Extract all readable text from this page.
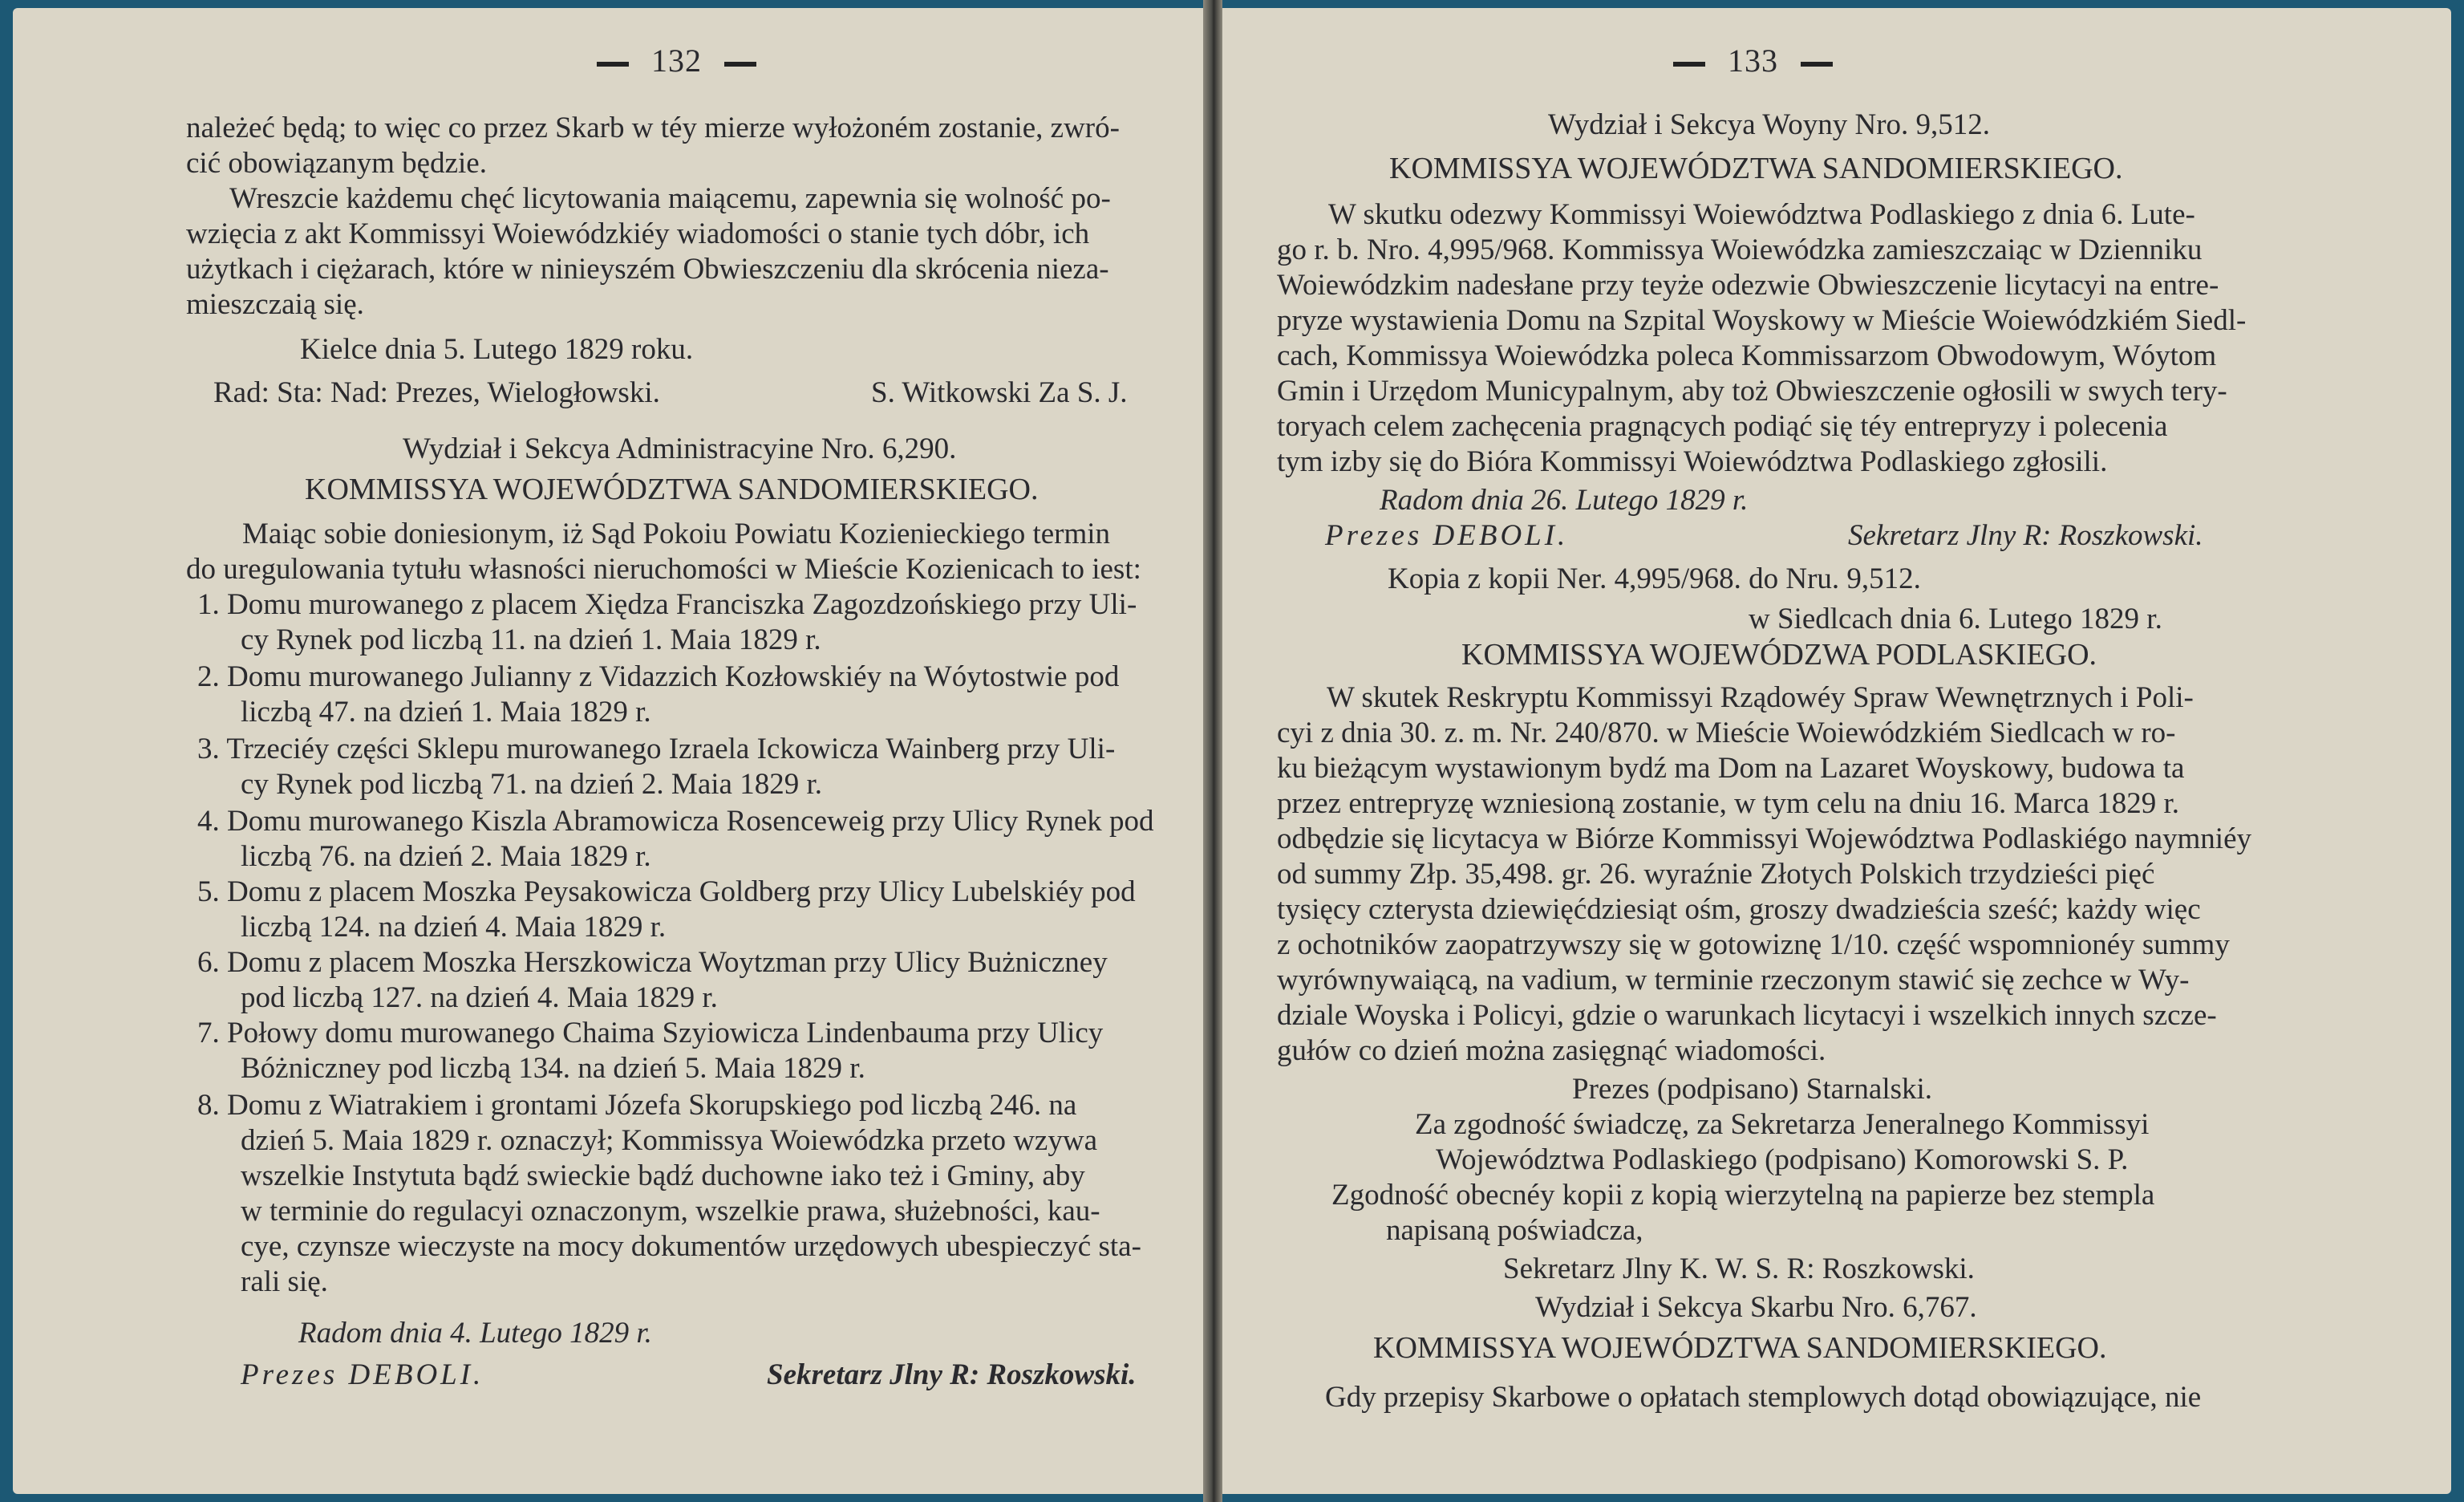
132
należeć będą; to więc co przez Skarb w téy mierze wyłożoném zostanie, zwró-
cić obowiązanym będzie.
Wreszcie każdemu chęć licytowania maiącemu, zapewnia się wolność po-
wzięcia z akt Kommissyi Woiewódzkiéy wiadomości o stanie tych dóbr, ich
użytkach i ciężarach, które w ninieyszém Obwieszczeniu dla skrócenia nieza-
mieszczaią się.
Kielce dnia 5. Lutego 1829 roku.
Rad: Sta: Nad: Prezes, Wielogłowski.	S. Witkowski Za S. J.
Wydział i Sekcya Administracyine Nro. 6,290.
KOMMISSYA WOJEWÓDZTWA SANDOMIERSKIEGO.
Maiąc sobie doniesionym, iż Sąd Pokoiu Powiatu Kozienieckiego termin
do uregulowania tytułu własności nieruchomości w Mieście Kozienicach to iest:
1. Domu murowanego z placem Xiędza Franciszka Zagozdzońskiego przy Uli-
cy Rynek pod liczbą 11. na dzień 1. Maia 1829 r.
2. Domu murowanego Julianny z Vidazzich Kozłowskiéy na Wóytostwie pod
liczbą 47. na dzień 1. Maia 1829 r.
3. Trzeciéy części Sklepu murowanego Izraela Ickowicza Wainberg przy Uli-
cy Rynek pod liczbą 71. na dzień 2. Maia 1829 r.
4. Domu murowanego Kiszla Abramowicza Rosenceweig przy Ulicy Rynek pod
liczbą 76. na dzień 2. Maia 1829 r.
5. Domu z placem Moszka Peysakowicza Goldberg przy Ulicy Lubelskiéy pod
liczbą 124. na dzień 4. Maia 1829 r.
6. Domu z placem Moszka Herszkowicza Woytzman przy Ulicy Bużniczney
pod liczbą 127. na dzień 4. Maia 1829 r.
7. Połowy domu murowanego Chaima Szyiowicza Lindenbauma przy Ulicy
Bóżniczney pod liczbą 134. na dzień 5. Maia 1829 r.
8. Domu z Wiatrakiem i grontami Józefa Skorupskiego pod liczbą 246. na
dzień 5. Maia 1829 r. oznaczył; Kommissya Woiewódzka przeto wzywa
wszelkie Instytuta bądź swieckie bądź duchowne iako też i Gminy, aby
w terminie do regulacyi oznaczonym, wszelkie prawa, służebności, kau-
cye, czynsze wieczyste na mocy dokumentów urzędowych ubespieczyć sta-
rali się.
Radom dnia 4. Lutego 1829 r.
Prezes DEBOLI.	Sekretarz Jlny R: Roszkowski.
133
Wydział i Sekcya Woyny Nro. 9,512.
KOMMISSYA WOJEWÓDZTWA SANDOMIERSKIEGO.
W skutku odezwy Kommissyi Woiewództwa Podlaskiego z dnia 6. Lute-
go r. b. Nro. 4,995/968. Kommissya Woiewódzka zamieszczaiąc w Dzienniku
Woiewódzkim nadesłane przy teyże odezwie Obwieszczenie licytacyi na entre-
pryze wystawienia Domu na Szpital Woyskowy w Mieście Woiewódzkiém Siedl-
cach, Kommissya Woiewódzka poleca Kommissarzom Obwodowym, Wóytom
Gmin i Urzędom Municypalnym, aby toż Obwieszczenie ogłosili w swych tery-
toryach celem zachęcenia pragnących podiąć się téy entrepryzy i polecenia
tym izby się do Bióra Kommissyi Woiewództwa Podlaskiego zgłosili.
Radom dnia 26. Lutego 1829 r.
Prezes DEBOLI.	Sekretarz Jlny R: Roszkowski.
Kopia z kopii Ner. 4,995/968. do Nru. 9,512.
w Siedlcach dnia 6. Lutego 1829 r.
KOMMISSYA WOJEWÓDZWA PODLASKIEGO.
W skutek Reskryptu Kommissyi Rządowéy Spraw Wewnętrznych i Poli-
cyi z dnia 30. z. m. Nr. 240/870. w Mieście Woiewódzkiém Siedlcach w ro-
ku bieżącym wystawionym bydź ma Dom na Lazaret Woyskowy, budowa ta
przez entrepryzę wzniesioną zostanie, w tym celu na dniu 16. Marca 1829 r.
odbędzie się licytacya w Biórze Kommissyi Województwa Podlaskiégo naymniéy
od summy Złp. 35,498. gr. 26. wyraźnie Złotych Polskich trzydzieści pięć
tysięcy czterysta dziewięćdziesiąt ośm, groszy dwadzieścia sześć; każdy więc
z ochotników zaopatrzywszy się w gotowiznę 1/10. część wspomnionéy summy
wyrównywaiącą, na vadium, w terminie rzeczonym stawić się zechce w Wy-
dziale Woyska i Policyi, gdzie o warunkach licytacyi i wszelkich innych szcze-
gułów co dzień można zasięgnąć wiadomości.
Prezes (podpisano) Starnalski.
Za zgodność świadczę, za Sekretarza Jeneralnego Kommissyi
Województwa Podlaskiego (podpisano) Komorowski S. P.
Zgodność obecnéy kopii z kopią wierzytelną na papierze bez stempla
napisaną poświadcza,
Sekretarz Jlny K. W. S. R: Roszkowski.
Wydział i Sekcya Skarbu Nro. 6,767.
KOMMISSYA WOJEWÓDZTWA SANDOMIERSKIEGO.
Gdy przepisy Skarbowe o opłatach stemplowych dotąd obowiązujące, nie
